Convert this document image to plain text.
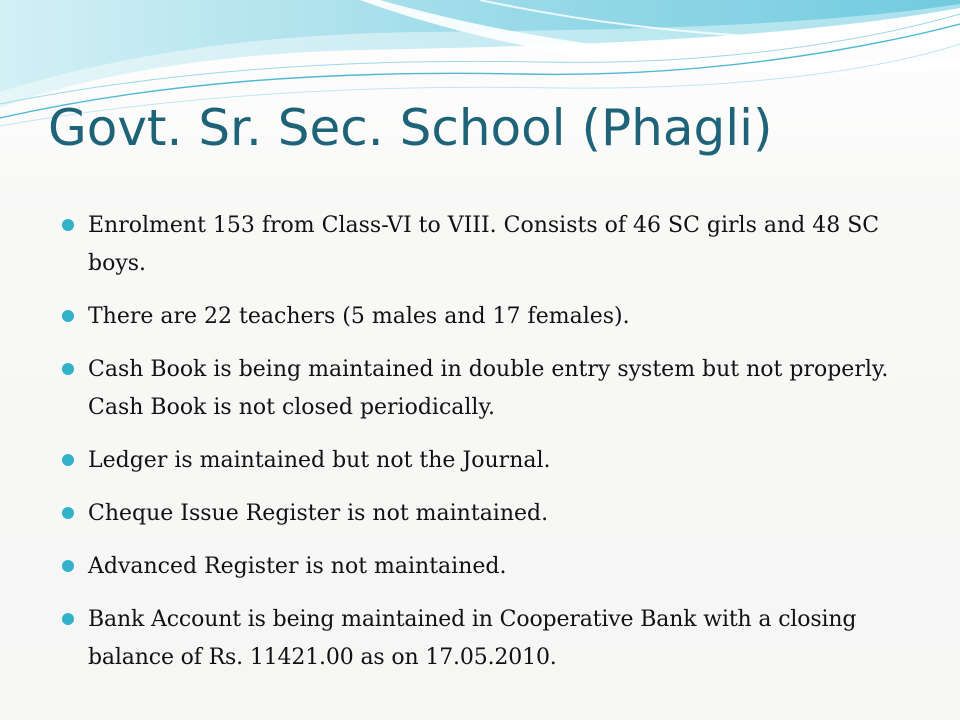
Govt. Sr. Sec. School (Phagli)
Enrolment 153 from Class-VI to VIII. Consists of 46 SC girls and 48 SC boys.
There are 22 teachers (5 males and 17 females).
Cash Book is being maintained in double entry system but not properly. Cash Book is not closed periodically.
Ledger is maintained but not the Journal.
Cheque Issue Register is not maintained.
Advanced Register is not maintained.
Bank Account is being maintained in Cooperative Bank with a closing balance of Rs. 11421.00 as on 17.05.2010.
